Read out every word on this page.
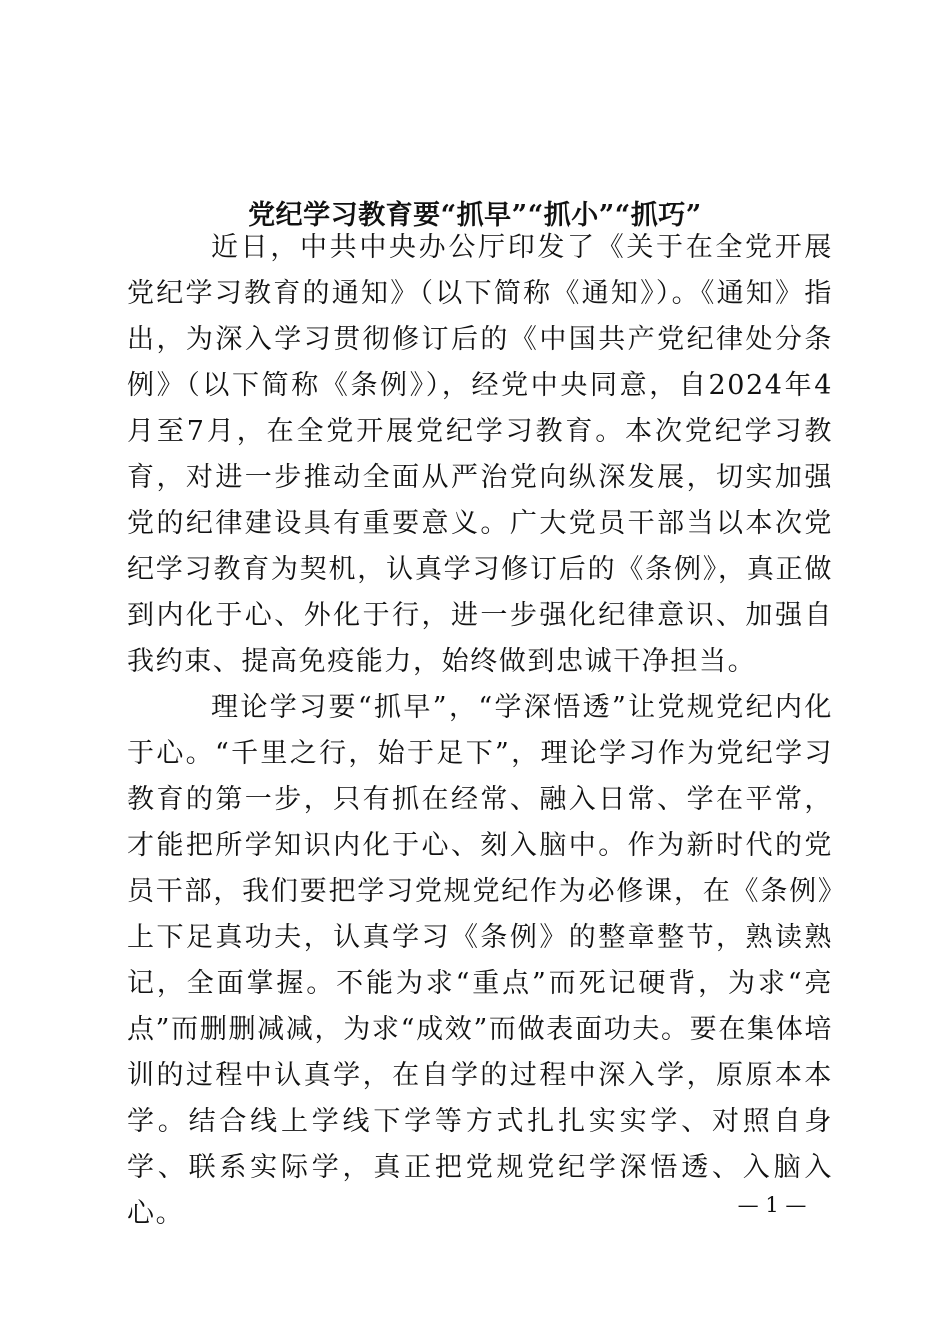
党纪学习教育要“抓早”“抓小”“抓巧”

近日，中共中央办公厅印发了《关于在全党开展党纪学习教育的通知》（以下简称《通知》）。《通知》指出，为深入学习贯彻修订后的《中国共产党纪律处分条例》（以下简称《条例》），经党中央同意，自2024年4月至7月，在全党开展党纪学习教育。本次党纪学习教育，对进一步推动全面从严治党向纵深发展，切实加强党的纪律建设具有重要意义。广大党员干部当以本次党纪学习教育为契机，认真学习修订后的《条例》，真正做到内化于心、外化于行，进一步强化纪律意识、加强自我约束、提高免疫能力，始终做到忠诚干净担当。

理论学习要“抓早”，“学深悟透”让党规党纪内化于心。“千里之行，始于足下”，理论学习作为党纪学习教育的第一步，只有抓在经常、融入日常、学在平常，才能把所学知识内化于心、刻入脑中。作为新时代的党员干部，我们要把学习党规党纪作为必修课，在《条例》上下足真功夫，认真学习《条例》的整章整节，熟读熟记，全面掌握。不能为求“重点”而死记硬背，为求“亮点”而删删减减，为求“成效”而做表面功夫。要在集体培训的过程中认真学，在自学的过程中深入学，原原本本学。结合线上学线下学等方式扎扎实实学、对照自身学、联系实际学，真正把党规党纪学深悟透、入脑入心。	— 1 —
